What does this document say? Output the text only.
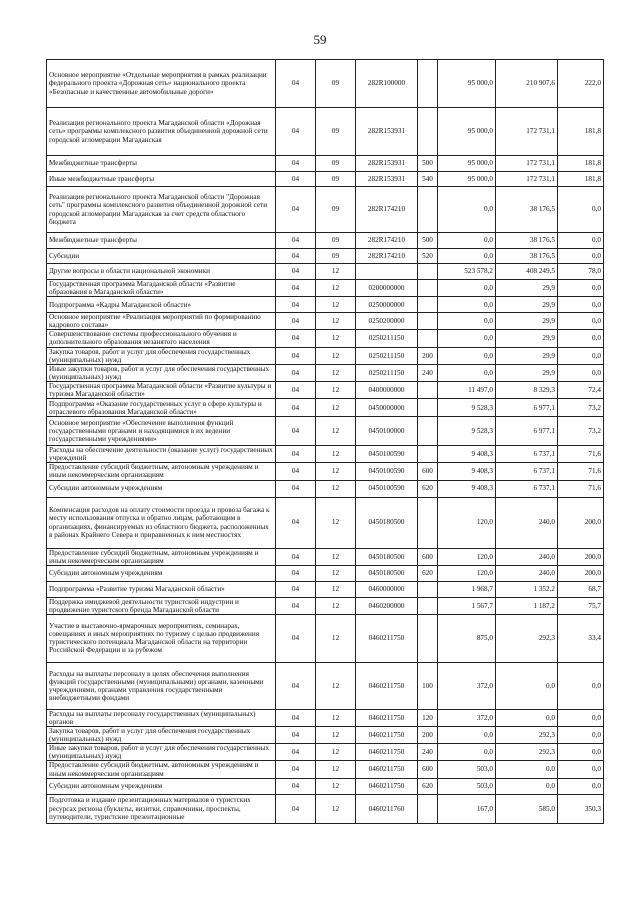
59
Основное мероприятие «Отдельные мероприятия в рамках реализации федерального проекта «Дорожная сеть» национального проекта «Безопасные и качественные автомобильные дороги»	04	09	282R100000		95 000,0	210 907,6	222,0
Реализация регионального проекта Магаданской области «Дорожная сеть» программы комплексного развития объединенной дорожной сети городской агломерации Магаданская	04	09	282R153931		95 000,0	172 731,1	181,8
Межбюджетные трансферты	04	09	282R153931	500	95 000,0	172 731,1	181,8
Иные межбюджетные трансферты	04	09	282R153931	540	95 000,0	172 731,1	181,8
Реализация регионального проекта Магаданской области "Дорожная сеть" программы комплексного развития объединенной дорожной сети городской агломерации Магаданская за счет средств областного бюджета	04	09	282R174210		0,0	38 176,5	0,0
Межбюджетные трансферты	04	09	282R174210	500	0,0	38 176,5	0,0
Субсидии	04	09	282R174210	520	0,0	38 176,5	0,0
Другие вопросы в области национальной экономики	04	12			523 578,2	408 249,5	78,0
Государственная программа Магаданской области «Развитие образования в Магаданской области»	04	12	0200000000		0,0	29,9	0,0
Подпрограмма «Кадры Магаданской области»	04	12	0250000000		0,0	29,9	0,0
Основное мероприятие «Реализация мероприятий по формированию кадрового состава»	04	12	0250200000		0,0	29,9	0,0
Совершенствование системы профессионального обучения и дополнительного образования незанятого населения	04	12	0250211150		0,0	29,9	0,0
Закупка товаров, работ и услуг для обеспечения государственных (муниципальных) нужд	04	12	0250211150	200	0,0	29,9	0,0
Иные закупки товаров, работ и услуг для обеспечения государственных (муниципальных) нужд	04	12	0250211150	240	0,0	29,9	0,0
Государственная программа Магаданской области «Развитие культуры и туризма Магаданской области»	04	12	0400000000		11 497,0	8 329,3	72,4
Подпрограмма «Оказание государственных услуг в сфере культуры и отраслевого образования Магаданской области»	04	12	0450000000		9 528,3	6 977,1	73,2
Основное мероприятие «Обеспечение выполнения функций государственными органами и находящимися в их ведении государственными учреждениями»	04	12	0450100000		9 528,3	6 977,1	73,2
Расходы на обеспечение деятельности (оказание услуг) государственных учреждений	04	12	0450100590		9 408,3	6 737,1	71,6
Предоставление субсидий бюджетным, автономным учреждениям и иным некоммерческим организациям	04	12	0450100590	600	9 408,3	6 737,1	71,6
Субсидии автономным учреждениям	04	12	0450100590	620	9 408,3	6 737,1	71,6
Компенсация расходов на оплату стоимости проезда и провоза багажа к месту использования отпуска и обратно лицам, работающим в организациях, финансируемых из областного бюджета, расположенных в районах Крайнего Севера и приравненных к ним местностях	04	12	0450180500		120,0	240,0	200,0
Предоставление субсидий бюджетным, автономным учреждениям и иным некоммерческим организациям	04	12	0450180500	600	120,0	240,0	200,0
Субсидии автономным учреждениям	04	12	0450180500	620	120,0	240,0	200,0
Подпрограмма «Развитие туризма Магаданской области»	04	12	0460000000		1 968,7	1 352,2	68,7
Поддержка имиджевой деятельности туристской индустрии и продвижение туристского бренда Магаданской области	04	12	0460200000		1 567,7	1 187,2	75,7
Участие в выставочно-ярмарочных мероприятиях, семинарах, совещаниях и иных мероприятиях по туризму с целью продвижения туристического потенциала Магаданской области на территории Российской Федерации и за рубежом	04	12	0460211750		875,0	292,3	33,4
Расходы на выплаты персоналу в целях обеспечения выполнения функций государственными (муниципальными) органами, казенными учреждениями, органами управления государственными внебюджетными фондами	04	12	0460211750	100	372,0	0,0	0,0
Расходы на выплаты персоналу государственных (муниципальных) органов	04	12	0460211750	120	372,0	0,0	0,0
Закупка товаров, работ и услуг для обеспечения государственных (муниципальных) нужд	04	12	0460211750	200	0,0	292,3	0,0
Иные закупки товаров, работ и услуг для обеспечения государственных (муниципальных) нужд	04	12	0460211750	240	0,0	292,3	0,0
Предоставление субсидий бюджетным, автономным учреждениям и иным некоммерческим организациям	04	12	0460211750	600	503,0	0,0	0,0
Субсидии автономным учреждениям	04	12	0460211750	620	503,0	0,0	0,0
Подготовка и издание презентационных материалов о туристских ресурсах региона (буклеты, визитки, справочники, проспекты, путеводители, туристские презентационные	04	12	0460211760		167,0	585,0	350,3
